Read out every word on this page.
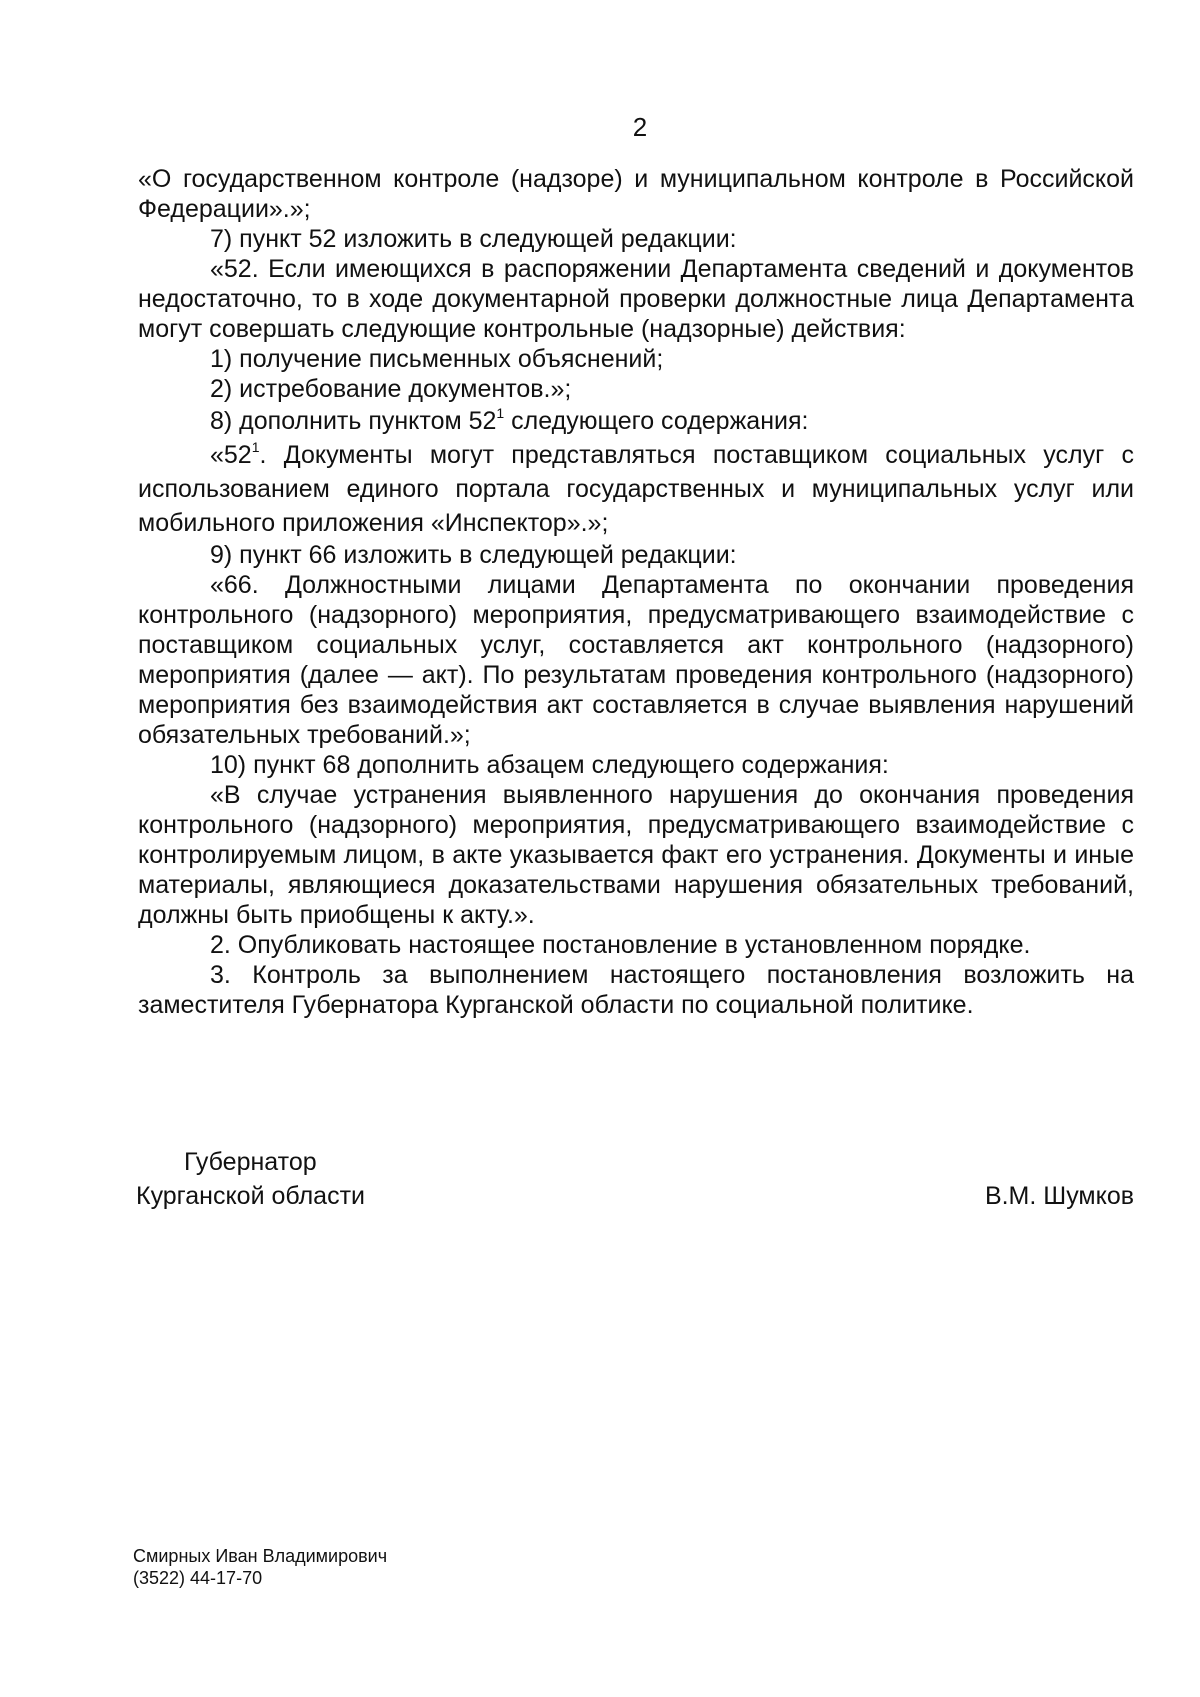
2

«О государственном контроле (надзоре) и муниципальном контроле в Российской Федерации».»;

7) пункт 52 изложить в следующей редакции:

«52. Если имеющихся в распоряжении Департамента сведений и документов недостаточно, то в ходе документарной проверки должностные лица Департамента могут совершать следующие контрольные (надзорные) действия:

1) получение письменных объяснений;

2) истребование документов.»;

8) дополнить пунктом $52^1$ следующего содержания:

«$52^1$. Документы могут представляться поставщиком социальных услуг с использованием единого портала государственных и муниципальных услуг или мобильного приложения «Инспектор».»;

9) пункт 66 изложить в следующей редакции:

«66. Должностными лицами Департамента по окончании проведения контрольного (надзорного) мероприятия, предусматривающего взаимодействие с поставщиком социальных услуг, составляется акт контрольного (надзорного) мероприятия (далее — акт). По результатам проведения контрольного (надзорного) мероприятия без взаимодействия акт составляется в случае выявления нарушений обязательных требований.»;

10) пункт 68 дополнить абзацем следующего содержания:

«В случае устранения выявленного нарушения до окончания проведения контрольного (надзорного) мероприятия, предусматривающего взаимодействие с контролируемым лицом, в акте указывается факт его устранения. Документы и иные материалы, являющиеся доказательствами нарушения обязательных требований, должны быть приобщены к акту.».

2. Опубликовать настоящее постановление в установленном порядке.

3. Контроль за выполнением настоящего постановления возложить на заместителя Губернатора Курганской области по социальной политике.

Губернатор
Курганской области	В.М. Шумков
Смирных Иван Владимирович
(3522) 44-17-70
